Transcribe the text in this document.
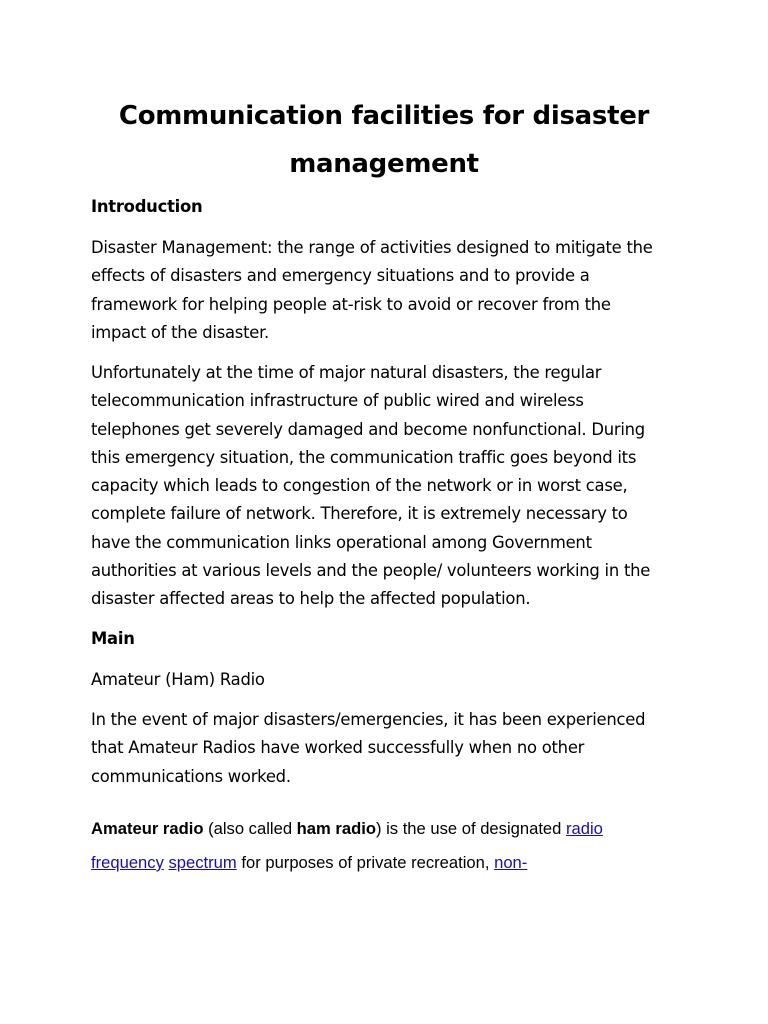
Communication facilities for disaster
management

Introduction

Disaster Management: the range of activities designed to mitigate the
effects of disasters and emergency situations and to provide a
framework for helping people at-risk to avoid or recover from the
impact of the disaster.

Unfortunately at the time of major natural disasters, the regular
telecommunication infrastructure of public wired and wireless
telephones get severely damaged and become nonfunctional. During
this emergency situation, the communication traffic goes beyond its
capacity which leads to congestion of the network or in worst case,
complete failure of network. Therefore, it is extremely necessary to
have the communication links operational among Government
authorities at various levels and the people/ volunteers working in the
disaster affected areas to help the affected population.

Main

Amateur (Ham) Radio

In the event of major disasters/emergencies, it has been experienced
that Amateur Radios have worked successfully when no other
communications worked.

Amateur radio (also called ham radio) is the use of designated radio
frequency spectrum for purposes of private recreation, non-
